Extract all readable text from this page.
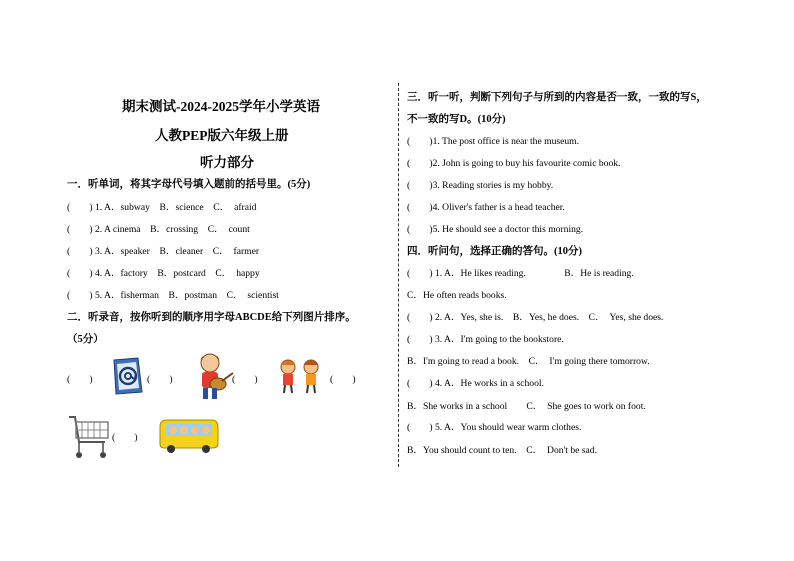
期末测试-2024-2025学年小学英语
人教PEP版六年级上册
听力部分
一．听单词，将其字母代号填入题前的括号里。(5分)
(　　) 1. A．subway　B．science　C．　afraid
(　　) 2. A cinema　B．crossing　C．　count
(　　) 3. A．speaker　B．cleaner　C．　farmer
(　　) 4. A．factory　B．postcard　C．　happy
(　　) 5. A．fisherman　B．postman　C．　scientist
二．听录音，按你听到的顺序用字母ABCDE给下列图片排序。
（5分）
(　　)	(　　)	(　　)	(　　)
(　　)
三．听一听，判断下列句子与所到的内容是否一致，一致的写S，
不一致的写D。(10分)
(　　)1. The post office is near the museum.
(　　)2. John is going to buy his favourite comic book.
(　　)3. Reading stories is my hobby.
(　　)4. Oliver's father is a head teacher.
(　　)5. He should see a doctor this morning.
四．听问句，选择正确的答句。(10分)
(　　) 1. A．He likes reading.　　　　B．He is reading.
C．He often reads books.
(　　) 2. A．Yes, she is.　B．Yes, he does.　C．　Yes, she does.
(　　) 3. A．I'm going to the bookstore.
B．I'm going to read a book.　C．　I'm going there tomorrow.
(　　) 4. A．He works in a school.
B．She works in a school　　C．　She goes to work on foot.
(　　) 5. A．You should wear warm clothes.
B．You should count to ten.　C．　Don't be sad.
